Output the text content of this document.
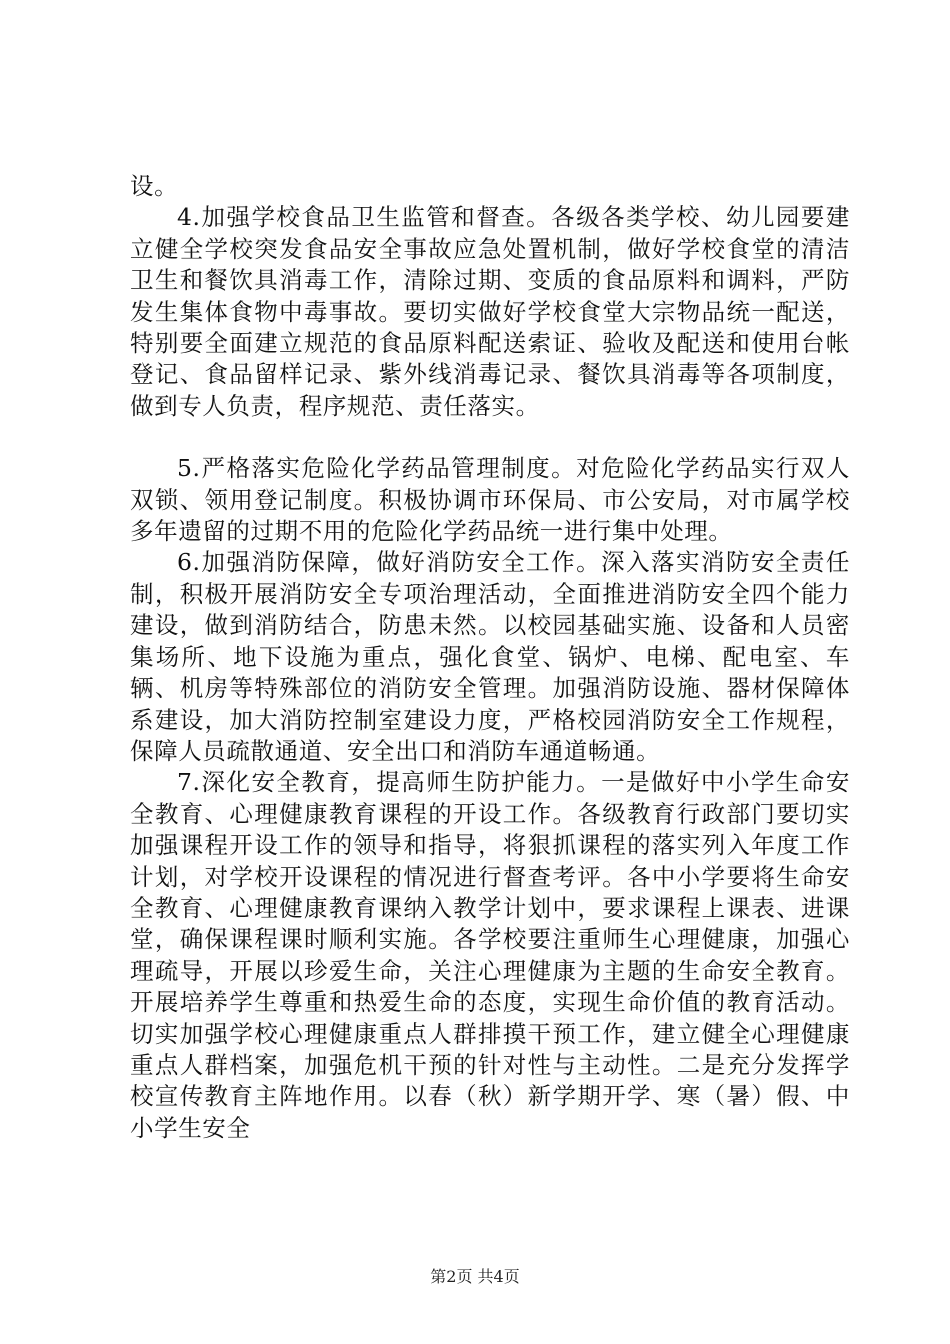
设。

4.加强学校食品卫生监管和督查。各级各类学校、幼儿园要建立健全学校突发食品安全事故应急处置机制，做好学校食堂的清洁卫生和餐饮具消毒工作，清除过期、变质的食品原料和调料，严防发生集体食物中毒事故。要切实做好学校食堂大宗物品统一配送，特别要全面建立规范的食品原料配送索证、验收及配送和使用台帐登记、食品留样记录、紫外线消毒记录、餐饮具消毒等各项制度，做到专人负责，程序规范、责任落实。

5.严格落实危险化学药品管理制度。对危险化学药品实行双人双锁、领用登记制度。积极协调市环保局、市公安局，对市属学校多年遗留的过期不用的危险化学药品统一进行集中处理。

6.加强消防保障，做好消防安全工作。深入落实消防安全责任制，积极开展消防安全专项治理活动，全面推进消防安全四个能力建设，做到消防结合，防患未然。以校园基础实施、设备和人员密集场所、地下设施为重点，强化食堂、锅炉、电梯、配电室、车辆、机房等特殊部位的消防安全管理。加强消防设施、器材保障体系建设，加大消防控制室建设力度，严格校园消防安全工作规程，保障人员疏散通道、安全出口和消防车通道畅通。

7.深化安全教育，提高师生防护能力。一是做好中小学生命安全教育、心理健康教育课程的开设工作。各级教育行政部门要切实加强课程开设工作的领导和指导，将狠抓课程的落实列入年度工作计划，对学校开设课程的情况进行督查考评。各中小学要将生命安全教育、心理健康教育课纳入教学计划中，要求课程上课表、进课堂，确保课程课时顺利实施。各学校要注重师生心理健康，加强心理疏导，开展以珍爱生命，关注心理健康为主题的生命安全教育。开展培养学生尊重和热爱生命的态度，实现生命价值的教育活动。切实加强学校心理健康重点人群排摸干预工作，建立健全心理健康重点人群档案，加强危机干预的针对性与主动性。二是充分发挥学校宣传教育主阵地作用。以春（秋）新学期开学、寒（暑）假、中小学生安全

第2页 共4页
